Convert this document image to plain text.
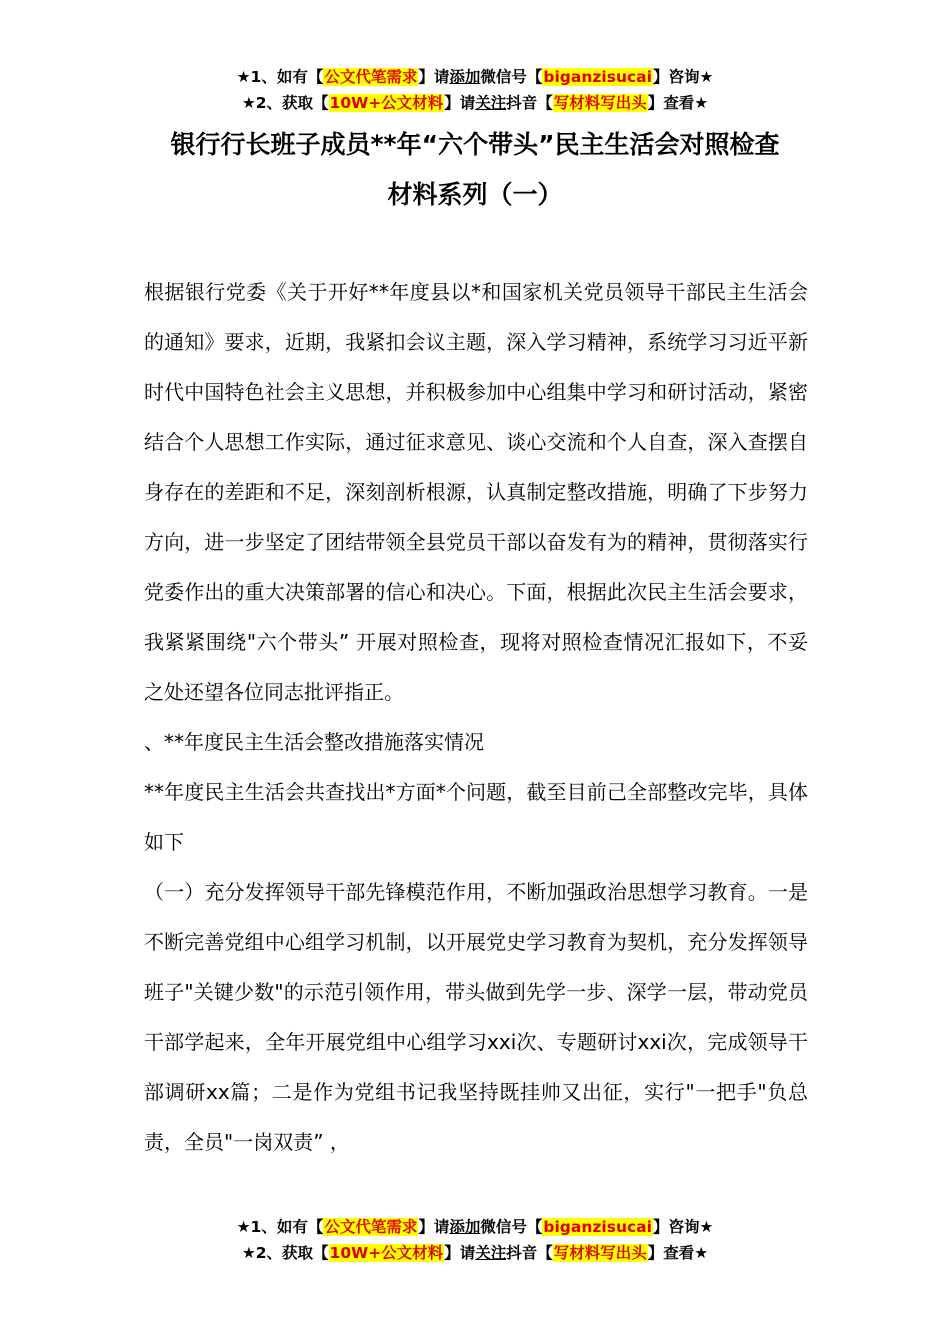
★1、如有【公文代笔需求】请添加微信号【biganzisucai】咨询★
★2、获取【10W+公文材料】请关注抖音【写材料写出头】查看★
银行行长班子成员**年“六个带头”民主生活会对照检查
材料系列（一）

根据银行党委《关于开好**年度县以*和国家机关党员领导干部民主生活会的通知》要求，近期，我紧扣会议主题，深入学习精神，系统学习习近平新时代中国特色社会主义思想，并积极参加中心组集中学习和研讨活动，紧密结合个人思想工作实际，通过征求意见、谈心交流和个人自查，深入查摆自身存在的差距和不足，深刻剖析根源，认真制定整改措施，明确了下步努力方向，进一步坚定了团结带领全县党员干部以奋发有为的精神，贯彻落实行党委作出的重大决策部署的信心和决心。下面，根据此次民主生活会要求，我紧紧围绕"六个带头” 开展对照检查，现将对照检查情况汇报如下，不妥之处还望各位同志批评指正。

、**年度民主生活会整改措施落实情况

**年度民主生活会共查找出*方面*个问题，截至目前己全部整改完毕，具体如下

（一）充分发挥领导干部先锋模范作用，不断加强政治思想学习教育。一是不断完善党组中心组学习机制，以开展党史学习教育为契机，充分发挥领导班子"关键少数"的示范引领作用，带头做到先学一步、深学一层，带动党员干部学起来，全年开展党组中心组学习xxi次、专题研讨xxi次，完成领导干部调研xx篇；二是作为党组书记我坚持既挂帅又出征，实行"一把手"负总责，全员"一岗双责” ，

★1、如有【公文代笔需求】请添加微信号【biganzisucai】咨询★
★2、获取【10W+公文材料】请关注抖音【写材料写出头】查看★
